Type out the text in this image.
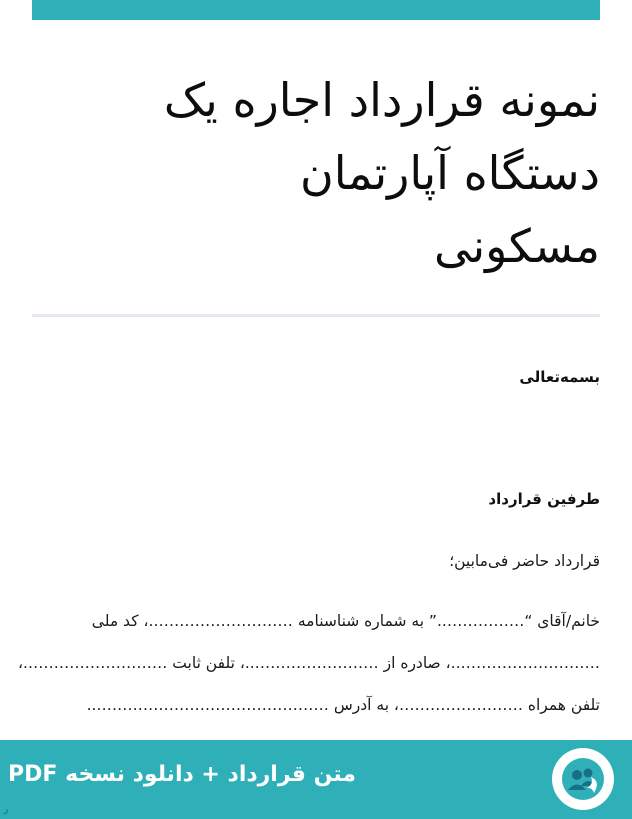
نمونه قرارداد اجاره یک
دستگاه آپارتمان
مسکونی

بسمه‌تعالی

طرفین قرارداد

قرارداد حاضر فی‌مابین؛

خانم/آقای “……………..” به شماره شناسنامه ……………………….، کد ملی

………………………..، صادره از ……………………..، تلفن ثابت ……………………….،

تلفن همراه ……………………، به آدرس ………………………………………..

متن قرارداد + دانلود نسخه PDF
ر
